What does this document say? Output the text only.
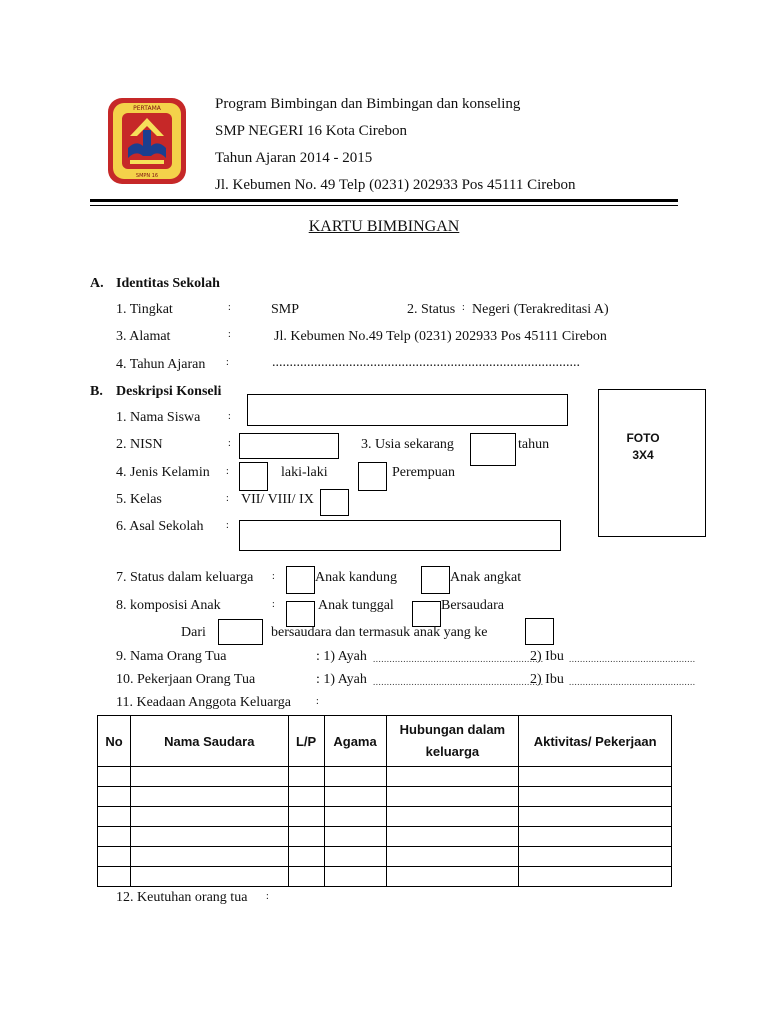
PERTAMA
SMPN 16
Program Bimbingan dan Bimbingan dan konseling
SMP NEGERI 16 Kota Cirebon
Tahun Ajaran 2014 - 2015
Jl. Kebumen No. 49 Telp (0231) 202933 Pos 45111 Cirebon
KARTU BIMBINGAN
A. Identitas Sekolah
1. Tingkat	:	SMP	2. Status : Negeri (Terakreditasi A)
3. Alamat	:	Jl. Kebumen No.49 Telp (0231) 202933 Pos 45111 Cirebon
4. Tahun Ajaran :	........................................................................................
B. Deskripsi Konseli
FOTO
3X4
1. Nama Siswa	:
2. NISN	:	3. Usia sekarang	tahun
4. Jenis Kelamin :	laki-laki	Perempuan
5. Kelas	: VII/ VIII/ IX
6. Asal Sekolah :
7. Status dalam keluarga :	Anak kandung	Anak angkat
8. komposisi Anak	:	Anak tunggal	Bersaudara
Dari	bersaudara dan termasuk anak yang ke
9. Nama Orang Tua	: 1) Ayah ..............................................................
2) Ibu ..............................................
10. Pekerjaan Orang Tua	: 1) Ayah ..............................................................
2) Ibu ..............................................
11. Keadaan Anggota Keluarga	:
No	Nama Saudara	L/P	Agama	Hubungan dalam keluarga	Aktivitas/ Pekerjaan

12. Keutuhan orang tua :
